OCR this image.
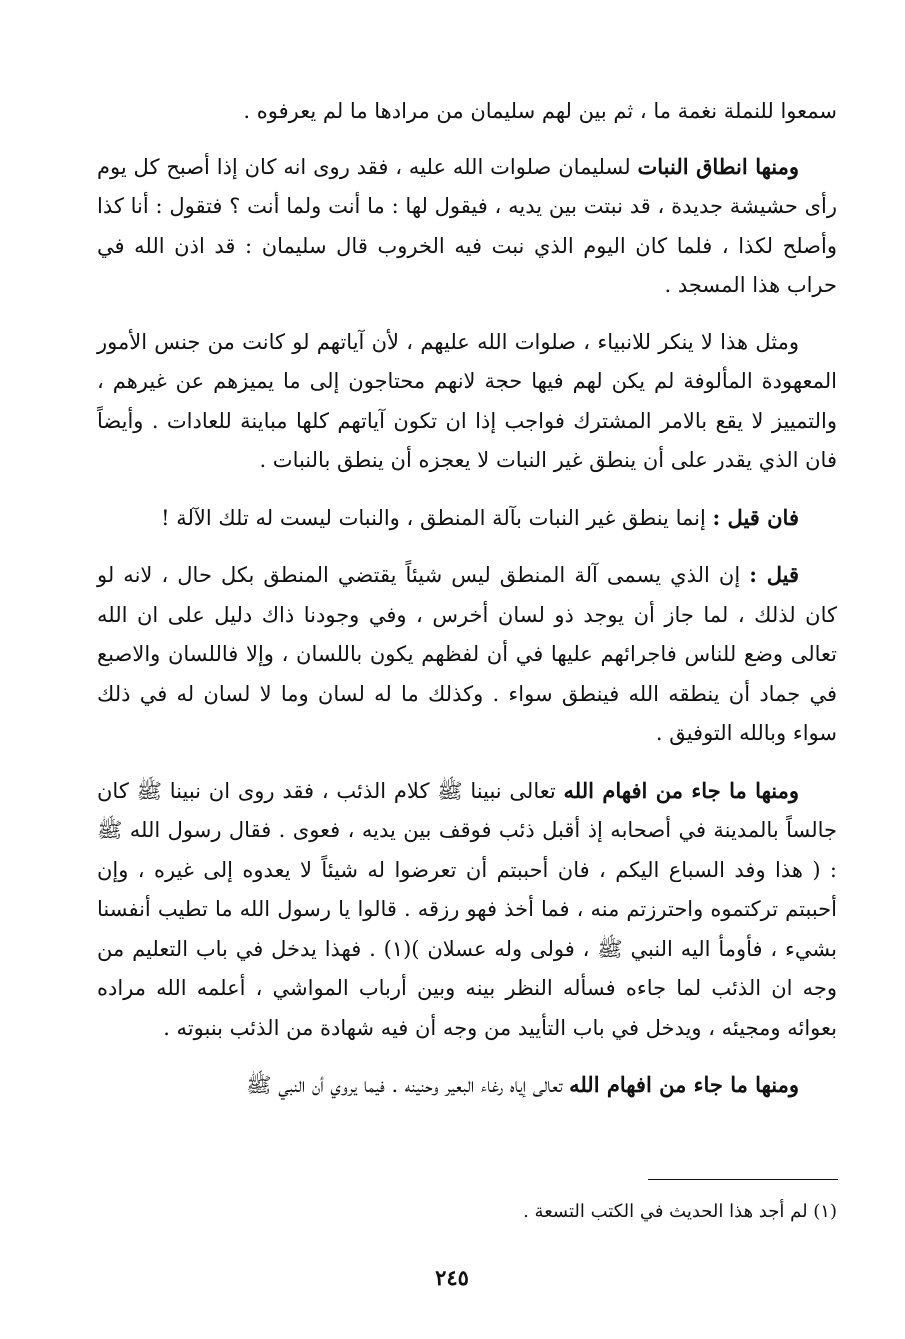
سمعوا للنملة نغمة ما ، ثم بين لهم سليمان من مرادها ما لم يعرفوه .

ومنها انطاق النبات لسليمان صلوات الله عليه ، فقد روى انه كان إذا أصبح كل يوم رأى حشيشة جديدة ، قد نبتت بين يديه ، فيقول لها : ما أنت ولما أنت ؟ فتقول : أنا كذا وأصلح لكذا ، فلما كان اليوم الذي نبت فيه الخروب قال سليمان : قد اذن الله في حراب هذا المسجد .

ومثل هذا لا ينكر للانبياء ، صلوات الله عليهم ، لأن آياتهم لو كانت من جنس الأمور المعهودة المألوفة لم يكن لهم فيها حجة لانهم محتاجون إلى ما يميزهم عن غيرهم ، والتمييز لا يقع بالامر المشترك فواجب إذا ان تكون آياتهم كلها مباينة للعادات . وأيضاً فان الذي يقدر على أن ينطق غير النبات لا يعجزه أن ينطق بالنبات .

فان قيل : إنما ينطق غير النبات بآلة المنطق ، والنبات ليست له تلك الآلة !

قيل : إن الذي يسمى آلة المنطق ليس شيئاً يقتضي المنطق بكل حال ، لانه لو كان لذلك ، لما جاز أن يوجد ذو لسان أخرس ، وفي وجودنا ذاك دليل على ان الله تعالى وضع للناس فاجرائهم عليها في أن لفظهم يكون باللسان ، وإلا فاللسان والاصبع في جماد أن ينطقه الله فينطق سواء . وكذلك ما له لسان وما لا لسان له في ذلك سواء وبالله التوفيق .

ومنها ما جاء من افهام الله تعالى نبينا ﷺ كلام الذئب ، فقد روى ان نبينا ﷺ كان جالساً بالمدينة في أصحابه إذ أقبل ذئب فوقف بين يديه ، فعوى . فقال رسول الله ﷺ : ( هذا وفد السباع اليكم ، فان أحببتم أن تعرضوا له شيئاً لا يعدوه إلى غيره ، وإن أحببتم تركتموه واحترزتم منه ، فما أخذ فهو رزقه . قالوا يا رسول الله ما تطيب أنفسنا بشيء ، فأومأ اليه النبي ﷺ ، فولى وله عسلان )(١) . فهذا يدخل في باب التعليم من وجه ان الذئب لما جاءه فسأله النظر بينه وبين أرباب المواشي ، أعلمه الله مراده بعوائه ومجيئه ، ويدخل في باب التأييد من وجه أن فيه شهادة من الذئب بنبوته .

ومنها ما جاء من افهام الله تعالى إياه رغاء البعير وحنينه . فيما يروي أن النبي ﷺ

(١) لم أجد هذا الحديث في الكتب التسعة .
٢٤٥
